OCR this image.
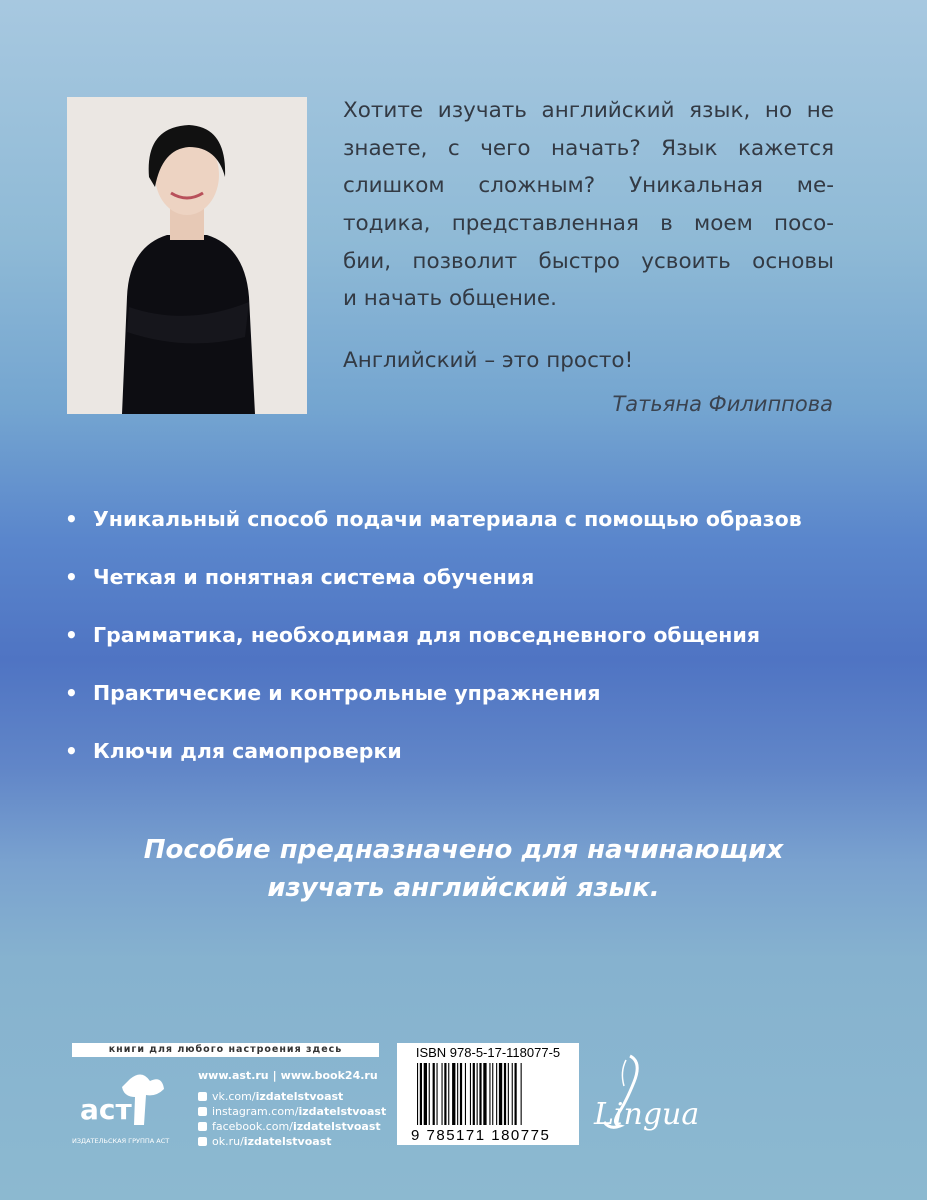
Хотите изучать английский язык, но не
знаете, с чего начать? Язык кажется
слишком сложным? Уникальная ме-
тодика, представленная в моем посо-
бии, позволит быстро усвоить основы
и начать общение.

Английский – это просто!

Татьяна Филиппова

• Уникальный способ подачи материала с помощью образов
• Четкая и понятная система обучения
• Грамматика, необходимая для повседневного общения
• Практические и контрольные упражнения
• Ключи для самопроверки
Пособие предназначено для начинающих
изучать английский язык.
книги для любого настроения здесь
аст
ИЗДАТЕЛЬСКАЯ ГРУППА АСТ
www.ast.ru | www.book24.ru
vk.com/ izdatelstvoast
instagram.com/ izdatelstvoast
facebook.com/ izdatelstvoast
ok.ru/ izdatelstvoast

ISBN 978-5-17-118077-5

9 785171 180775

Lingua
